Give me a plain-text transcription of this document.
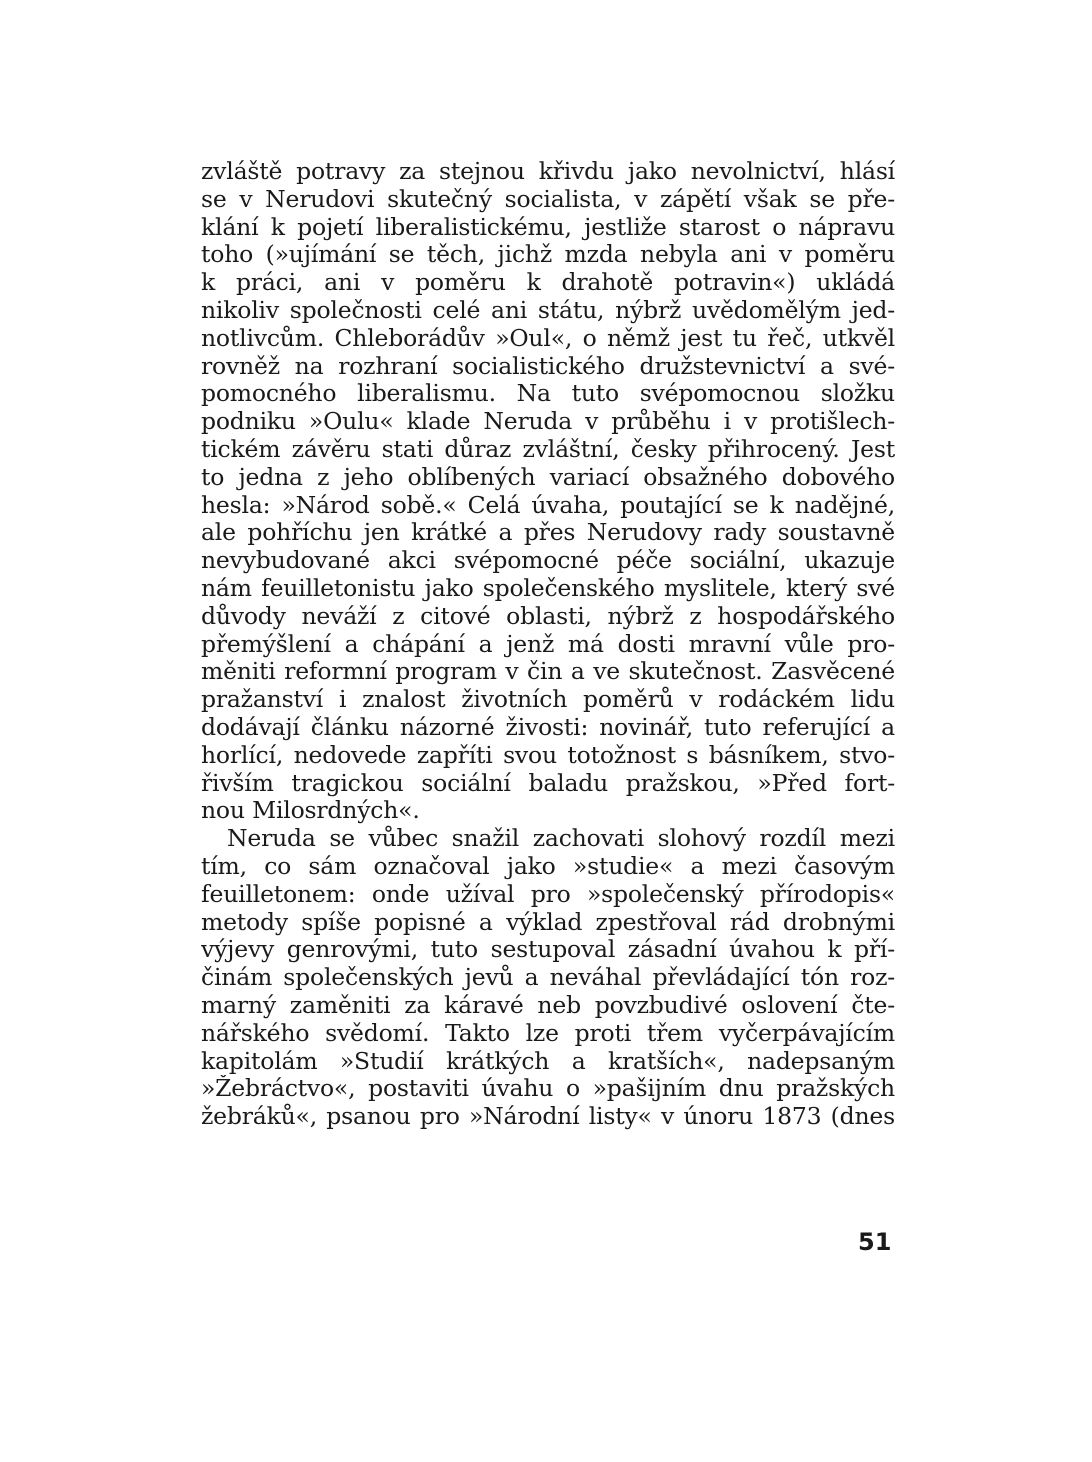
zvláště potravy za stejnou křivdu jako nevolnictví, hlásí
se v Nerudovi skutečný socialista, v zápětí však se pře-
klání k pojetí liberalistickému, jestliže starost o nápravu
toho (»ujímání se těch, jichž mzda nebyla ani v poměru
k práci, ani v poměru k drahotě potravin«) ukládá
nikoliv společnosti celé ani státu, nýbrž uvědomělým jed-
notlivcům. Chleborádův »Oul«, o němž jest tu řeč, utkvěl
rovněž na rozhraní socialistického družstevnictví a své-
pomocného liberalismu. Na tuto svépomocnou složku
podniku »Oulu« klade Neruda v průběhu i v protišlech-
tickém závěru stati důraz zvláštní, česky přihrocený. Jest
to jedna z jeho oblíbených variací obsažného dobového
hesla: »Národ sobě.« Celá úvaha, poutající se k nadějné,
ale pohříchu jen krátké a přes Nerudovy rady soustavně
nevybudované akci svépomocné péče sociální, ukazuje
nám feuilletonistu jako společenského myslitele, který své
důvody neváží z citové oblasti, nýbrž z hospodářského
přemýšlení a chápání a jenž má dosti mravní vůle pro-
měniti reformní program v čin a ve skutečnost. Zasvěcené
pražanství i znalost životních poměrů v rodáckém lidu
dodávají článku názorné živosti: novinář, tuto referující a
horlící, nedovede zapříti svou totožnost s básníkem, stvo-
řivším tragickou sociální baladu pražskou, »Před fort-
nou Milosrdných«.
Neruda se vůbec snažil zachovati slohový rozdíl mezi
tím, co sám označoval jako »studie« a mezi časovým
feuilletonem: onde užíval pro »společenský přírodopis«
metody spíše popisné a výklad zpestřoval rád drobnými
výjevy genrovými, tuto sestupoval zásadní úvahou k pří-
činám společenských jevů a neváhal převládající tón roz-
marný zaměniti za káravé neb povzbudivé oslovení čte-
nářského svědomí. Takto lze proti třem vyčerpávajícím
kapitolám »Studií krátkých a kratších«, nadepsaným
»Žebráctvo«, postaviti úvahu o »pašijním dnu pražských
žebráků«, psanou pro »Národní listy« v únoru 1873 (dnes
51
